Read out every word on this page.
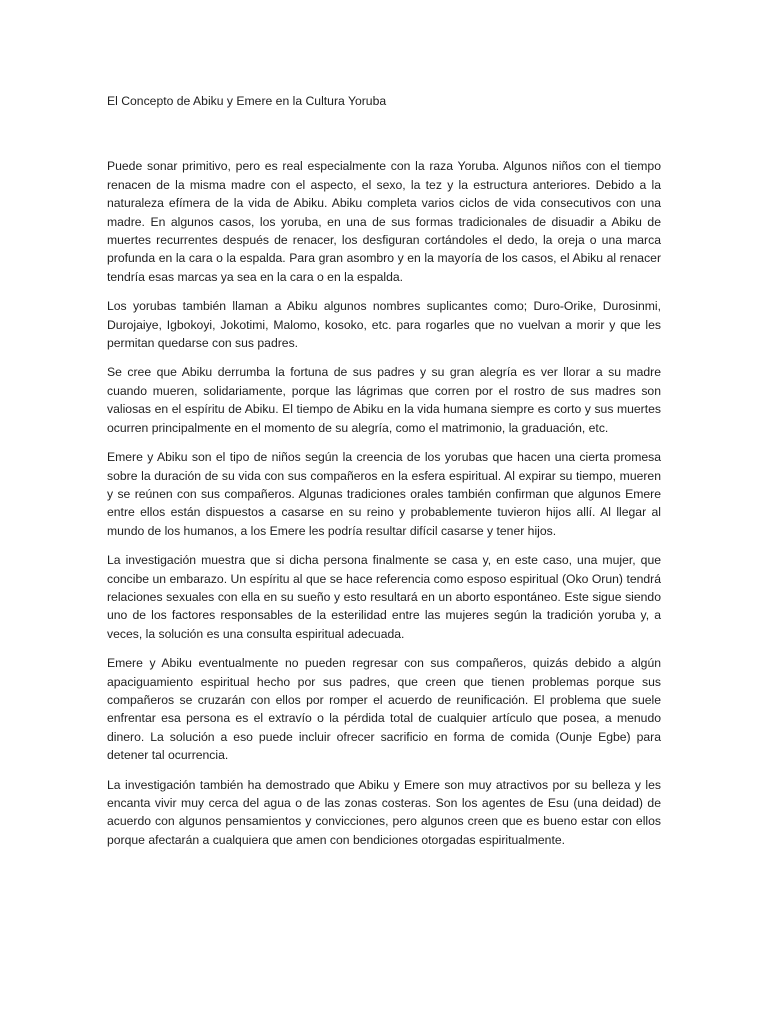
El Concepto de Abiku y Emere en la Cultura Yoruba

Puede sonar primitivo, pero es real especialmente con la raza Yoruba. Algunos niños con el tiempo renacen de la misma madre con el aspecto, el sexo, la tez y la estructura anteriores. Debido a la naturaleza efímera de la vida de Abiku. Abiku completa varios ciclos de vida consecutivos con una madre. En algunos casos, los yoruba, en una de sus formas tradicionales de disuadir a Abiku de muertes recurrentes después de renacer, los desfiguran cortándoles el dedo, la oreja o una marca profunda en la cara o la espalda. Para gran asombro y en la mayoría de los casos, el Abiku al renacer tendría esas marcas ya sea en la cara o en la espalda.

Los yorubas también llaman a Abiku algunos nombres suplicantes como; Duro-Orike, Durosinmi, Durojaiye, Igbokoyi, Jokotimi, Malomo, kosoko, etc. para rogarles que no vuelvan a morir y que les permitan quedarse con sus padres.

Se cree que Abiku derrumba la fortuna de sus padres y su gran alegría es ver llorar a su madre cuando mueren, solidariamente, porque las lágrimas que corren por el rostro de sus madres son valiosas en el espíritu de Abiku. El tiempo de Abiku en la vida humana siempre es corto y sus muertes ocurren principalmente en el momento de su alegría, como el matrimonio, la graduación, etc.

Emere y Abiku son el tipo de niños según la creencia de los yorubas que hacen una cierta promesa sobre la duración de su vida con sus compañeros en la esfera espiritual. Al expirar su tiempo, mueren y se reúnen con sus compañeros. Algunas tradiciones orales también confirman que algunos Emere entre ellos están dispuestos a casarse en su reino y probablemente tuvieron hijos allí. Al llegar al mundo de los humanos, a los Emere les podría resultar difícil casarse y tener hijos.

La investigación muestra que si dicha persona finalmente se casa y, en este caso, una mujer, que concibe un embarazo. Un espíritu al que se hace referencia como esposo espiritual (Oko Orun) tendrá relaciones sexuales con ella en su sueño y esto resultará en un aborto espontáneo. Este sigue siendo uno de los factores responsables de la esterilidad entre las mujeres según la tradición yoruba y, a veces, la solución es una consulta espiritual adecuada.

Emere y Abiku eventualmente no pueden regresar con sus compañeros, quizás debido a algún apaciguamiento espiritual hecho por sus padres, que creen que tienen problemas porque sus compañeros se cruzarán con ellos por romper el acuerdo de reunificación. El problema que suele enfrentar esa persona es el extravío o la pérdida total de cualquier artículo que posea, a menudo dinero. La solución a eso puede incluir ofrecer sacrificio en forma de comida (Ounje Egbe) para detener tal ocurrencia.

La investigación también ha demostrado que Abiku y Emere son muy atractivos por su belleza y les encanta vivir muy cerca del agua o de las zonas costeras. Son los agentes de Esu (una deidad) de acuerdo con algunos pensamientos y convicciones, pero algunos creen que es bueno estar con ellos porque afectarán a cualquiera que amen con bendiciones otorgadas espiritualmente.
